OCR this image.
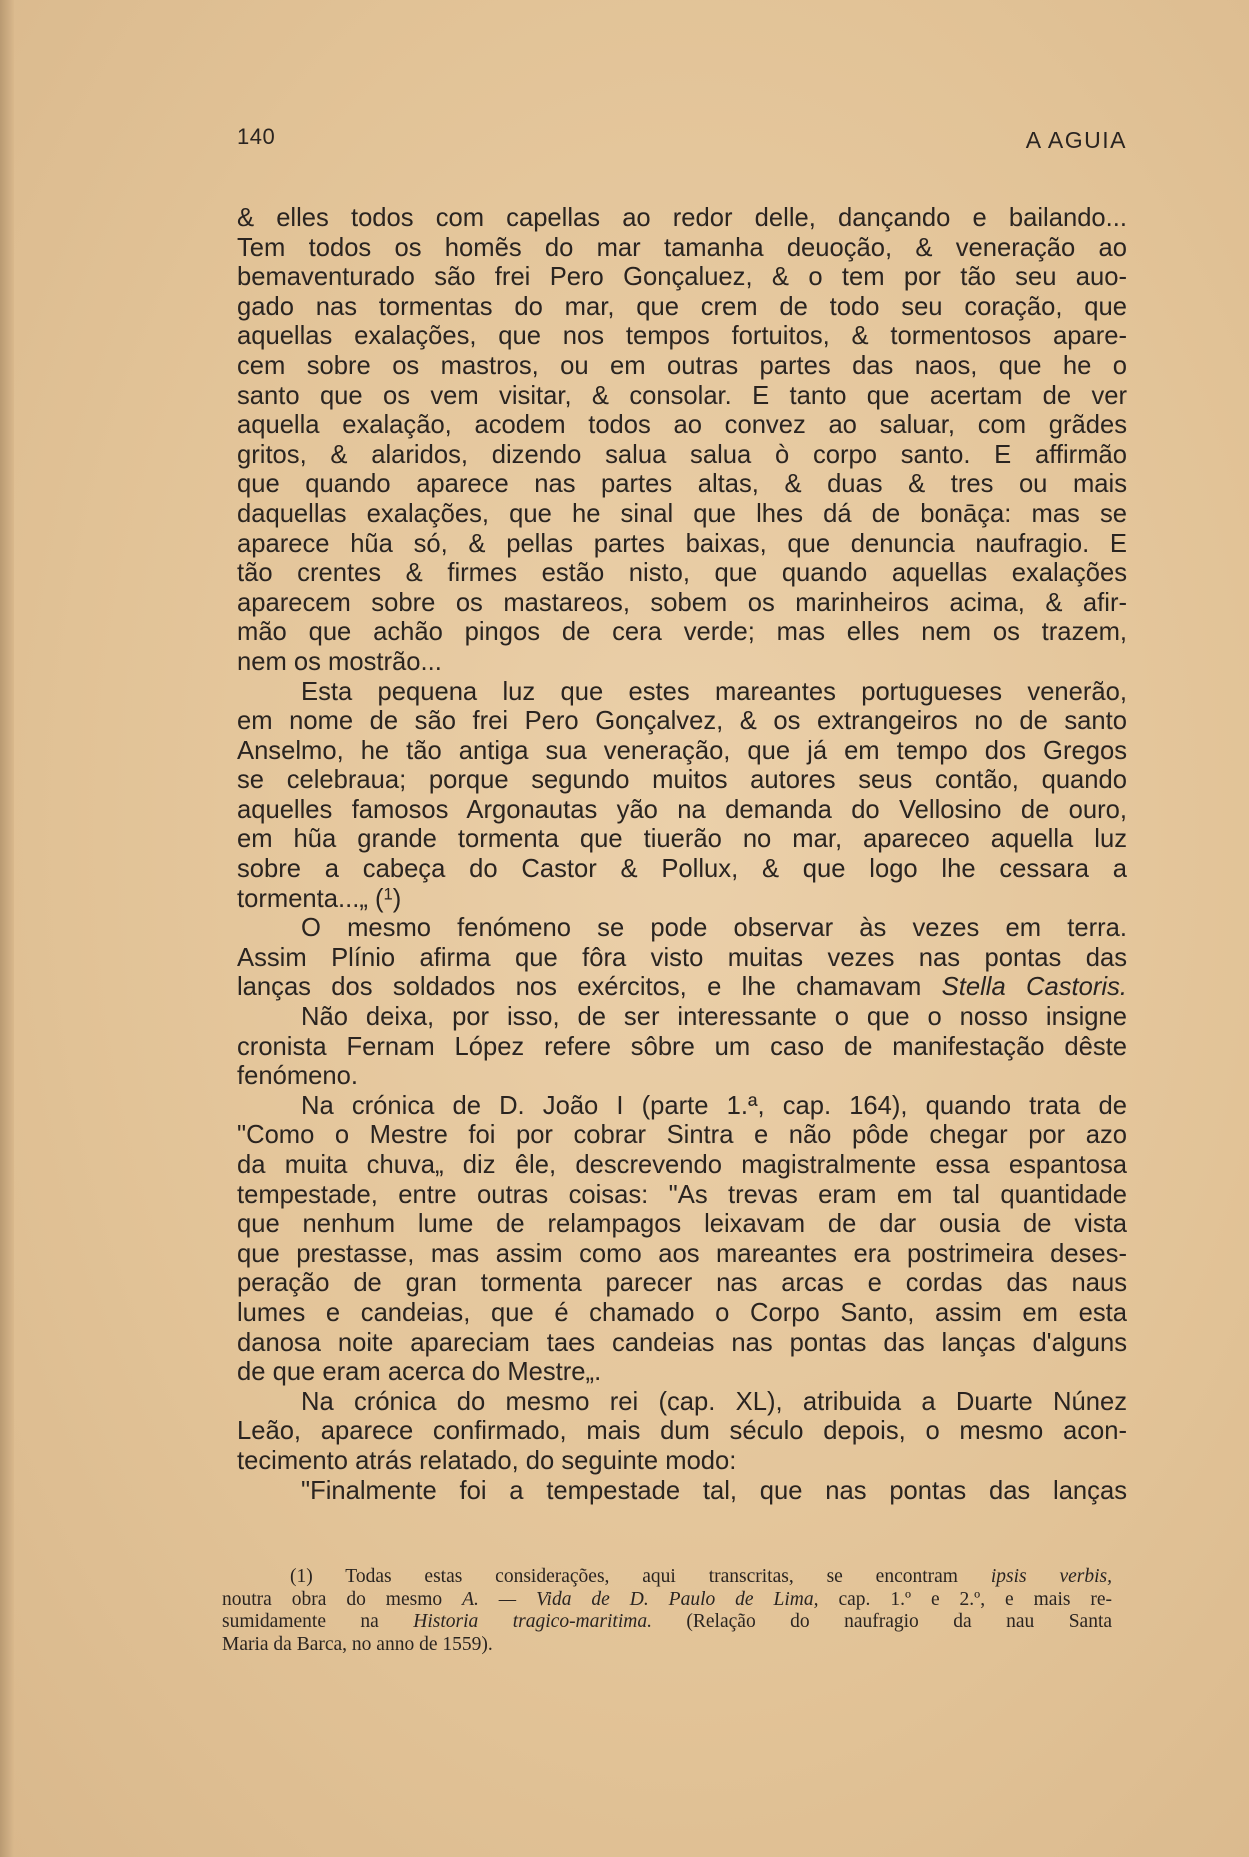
140	A AGUIA
& elles todos com capellas ao redor delle, dançando e bailando...
Tem todos os homẽs do mar tamanha deuoção, & veneração ao
bemaventurado são frei Pero Gonçaluez, & o tem por tão seu auo-
gado nas tormentas do mar, que crem de todo seu coração, que
aquellas exalações, que nos tempos fortuitos, & tormentosos apare-
cem sobre os mastros, ou em outras partes das naos, que he o
santo que os vem visitar, & consolar. E tanto que acertam de ver
aquella exalação, acodem todos ao convez ao saluar, com grãdes
gritos, & alaridos, dizendo salua salua ò corpo santo. E affirmão
que quando aparece nas partes altas, & duas & tres ou mais
daquellas exalações, que he sinal que lhes dá de bonāça: mas se
aparece hũa só, & pellas partes baixas, que denuncia naufragio. E
tão crentes & firmes estão nisto, que quando aquellas exalações
aparecem sobre os mastareos, sobem os marinheiros acima, & afir-
mão que achão pingos de cera verde; mas elles nem os trazem,
nem os mostrão...
Esta pequena luz que estes mareantes portugueses venerão,
em nome de são frei Pero Gonçalvez, & os extrangeiros no de santo
Anselmo, he tão antiga sua veneração, que já em tempo dos Gregos
se celebraua; porque segundo muitos autores seus contão, quando
aquelles famosos Argonautas yão na demanda do Vellosino de ouro,
em hũa grande tormenta que tiuerão no mar, apareceo aquella luz
sobre a cabeça do Castor & Pollux, & que logo lhe cessara a
tormenta...„ ($^1$)
O mesmo fenómeno se pode observar às vezes em terra.
Assim Plínio afirma que fôra visto muitas vezes nas pontas das
lanças dos soldados nos exércitos, e lhe chamavam Stella Castoris.
Não deixa, por isso, de ser interessante o que o nosso insigne
cronista Fernam López refere sôbre um caso de manifestação dêste
fenómeno.
Na crónica de D. João I (parte 1.ª, cap. 164), quando trata de
"Como o Mestre foi por cobrar Sintra e não pôde chegar por azo
da muita chuva„ diz êle, descrevendo magistralmente essa espantosa
tempestade, entre outras coisas: "As trevas eram em tal quantidade
que nenhum lume de relampagos leixavam de dar ousia de vista
que prestasse, mas assim como aos mareantes era postrimeira deses-
peração de gran tormenta parecer nas arcas e cordas das naus
lumes e candeias, que é chamado o Corpo Santo, assim em esta
danosa noite apareciam taes candeias nas pontas das lanças d'alguns
de que eram acerca do Mestre„.
Na crónica do mesmo rei (cap. XL), atribuida a Duarte Núnez
Leão, aparece confirmado, mais dum século depois, o mesmo acon-
tecimento atrás relatado, do seguinte modo:
"Finalmente foi a tempestade tal, que nas pontas das lanças
(1) Todas estas considerações, aqui transcritas, se encontram ipsis verbis,
noutra obra do mesmo A. — Vida de D. Paulo de Lima, cap. 1.º e 2.º, e mais re-
sumidamente na Historia tragico-maritima. (Relação do naufragio da nau Santa
Maria da Barca, no anno de 1559).
